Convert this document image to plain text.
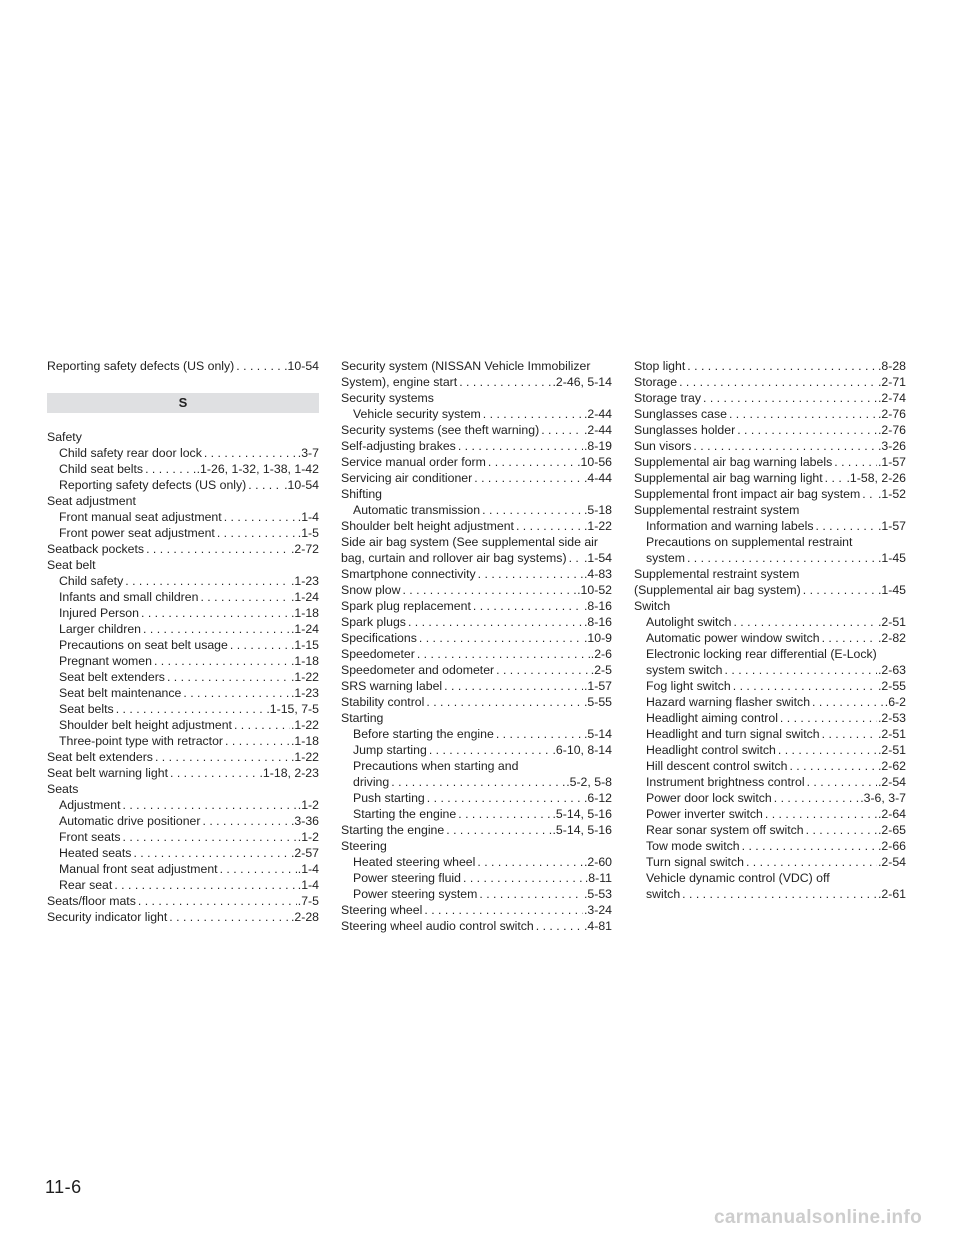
Reporting safety defects (US only) . . .	.10-54
S
Safety
Child safety rear door lock . . .	.3-7
Child seat belts . . .	.1-26, 1-32, 1-38, 1-42
Reporting safety defects (US only) . . .	.10-54
Seat adjustment
Front manual seat adjustment . . .	.1-4
Front power seat adjustment . . .	.1-5
Seatback pockets . . .	.2-72
Seat belt
Child safety . . .	.1-23
Infants and small children . . .	.1-24
Injured Person . . .	.1-18
Larger children . . .	.1-24
Precautions on seat belt usage . . .	.1-15
Pregnant women . . .	.1-18
Seat belt extenders . . .	.1-22
Seat belt maintenance . . .	.1-23
Seat belts . . .	.1-15, 7-5
Shoulder belt height adjustment . . .	.1-22
Three-point type with retractor . . .	.1-18
Seat belt extenders . . .	.1-22
Seat belt warning light . . .	.1-18, 2-23
Seats
Adjustment . . .	.1-2
Automatic drive positioner . . .	.3-36
Front seats . . .	.1-2
Heated seats . . .	.2-57
Manual front seat adjustment . . .	.1-4
Rear seat . . .	.1-4
Seats/floor mats . . .	.7-5
Security indicator light . . .	.2-28
Security system (NISSAN Vehicle Immobilizer
System), engine start . . .	.2-46, 5-14
Security systems
Vehicle security system . . .	.2-44
Security systems (see theft warning) . . .	.2-44
Self-adjusting brakes . . .	.8-19
Service manual order form . . .	.10-56
Servicing air conditioner . . .	.4-44
Shifting
Automatic transmission . . .	.5-18
Shoulder belt height adjustment . . .	.1-22
Side air bag system (See supplemental side air
bag, curtain and rollover air bag systems) . . . .1-54
Smartphone connectivity . . .	.4-83
Snow plow . . .	.10-52
Spark plug replacement . . .	.8-16
Spark plugs . . .	.8-16
Specifications . . .	.10-9
Speedometer . . .	.2-6
Speedometer and odometer . . .	.2-5
SRS warning label . . .	.1-57
Stability control . . .	.5-55
Starting
Before starting the engine . . .	.5-14
Jump starting . . .	.6-10, 8-14
Precautions when starting and
driving . . .	.5-2, 5-8
Push starting . . .	.6-12
Starting the engine . . .	.5-14, 5-16
Starting the engine . . .	.5-14, 5-16
Steering
Heated steering wheel . . .	.2-60
Power steering fluid . . .	.8-11
Power steering system . . .	.5-53
Steering wheel . . .	.3-24
Steering wheel audio control switch . . .	.4-81
Stop light . . .	.8-28
Storage . . .	.2-71
Storage tray . . .	.2-74
Sunglasses case . . .	.2-76
Sunglasses holder . . .	.2-76
Sun visors . . .	.3-26
Supplemental air bag warning labels . . .	.1-57
Supplemental air bag warning light . . . .1-58, 2-26
Supplemental front impact air bag system . . . .1-52
Supplemental restraint system
Information and warning labels . . .	.1-57
Precautions on supplemental restraint
system . . .	.1-45
Supplemental restraint system
(Supplemental air bag system) . . .	.1-45
Switch
Autolight switch . . .	.2-51
Automatic power window switch . . .	.2-82
Electronic locking rear differential (E-Lock)
system switch . . .	.2-63
Fog light switch . . .	.2-55
Hazard warning flasher switch . . .	.6-2
Headlight aiming control . . .	.2-53
Headlight and turn signal switch . . .	.2-51
Headlight control switch . . .	.2-51
Hill descent control switch . . .	.2-62
Instrument brightness control . . .	.2-54
Power door lock switch . . .	.3-6, 3-7
Power inverter switch . . .	.2-64
Rear sonar system off switch . . .	.2-65
Tow mode switch . . .	.2-66
Turn signal switch . . .	.2-54
Vehicle dynamic control (VDC) off
switch . . .	.2-61
11-6
carmanualsonline.info
